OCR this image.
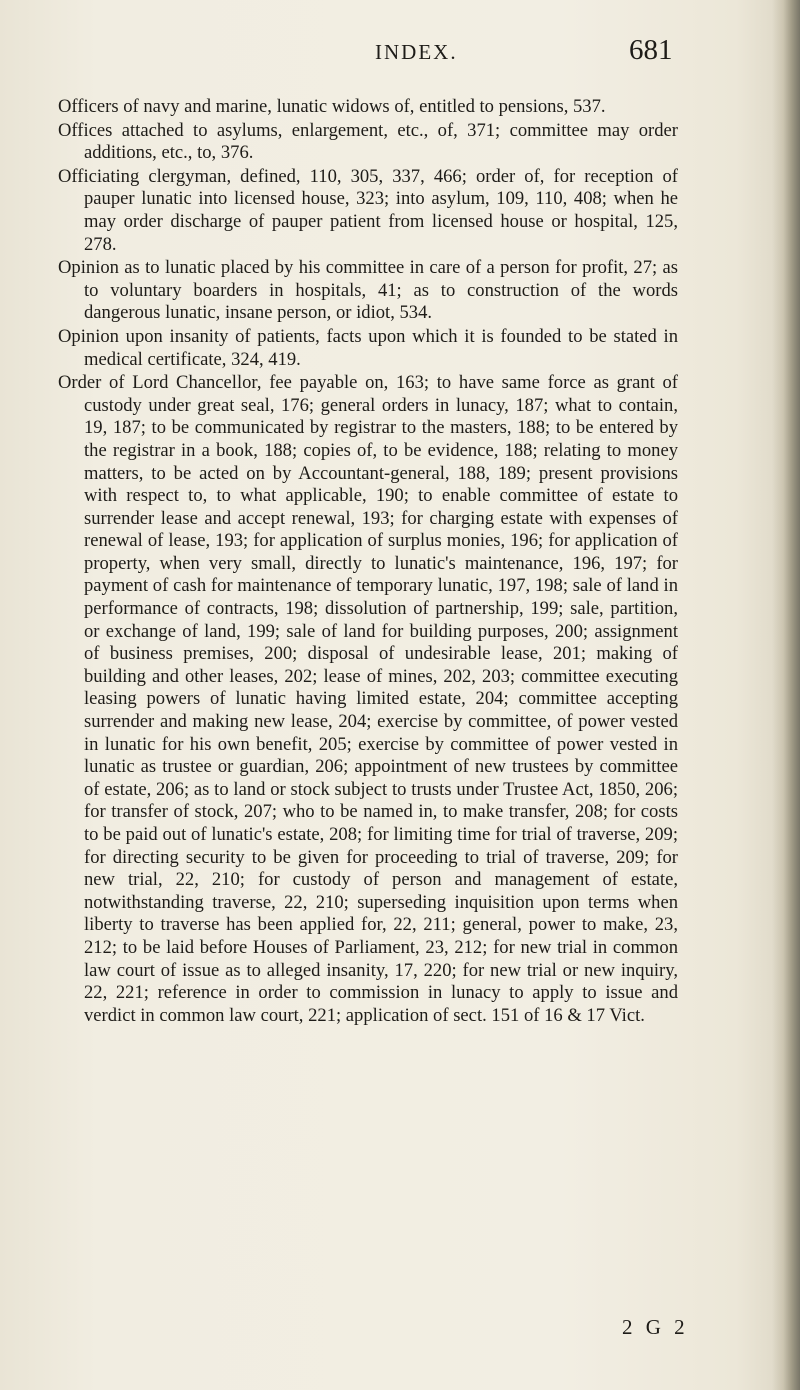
INDEX.	681

Officers of navy and marine, lunatic widows of, entitled to pensions, 537.

Offices attached to asylums, enlargement, etc., of, 371; committee may order additions, etc., to, 376.

Officiating clergyman, defined, 110, 305, 337, 466; order of, for reception of pauper lunatic into licensed house, 323; into asylum, 109, 110, 408; when he may order discharge of pauper patient from licensed house or hospital, 125, 278.

Opinion as to lunatic placed by his committee in care of a person for profit, 27; as to voluntary boarders in hospitals, 41; as to construction of the words dangerous lunatic, insane person, or idiot, 534.

Opinion upon insanity of patients, facts upon which it is founded to be stated in medical certificate, 324, 419.

Order of Lord Chancellor, fee payable on, 163; to have same force as grant of custody under great seal, 176; general orders in lunacy, 187; what to contain, 19, 187; to be communicated by registrar to the masters, 188; to be entered by the registrar in a book, 188; copies of, to be evidence, 188; relating to money matters, to be acted on by Accountant-general, 188, 189; present provisions with respect to, to what applicable, 190; to enable committee of estate to surrender lease and accept renewal, 193; for charging estate with expenses of renewal of lease, 193; for application of surplus monies, 196; for application of property, when very small, directly to lunatic's maintenance, 196, 197; for payment of cash for maintenance of temporary lunatic, 197, 198; sale of land in performance of contracts, 198; dissolution of partnership, 199; sale, partition, or exchange of land, 199; sale of land for building purposes, 200; assignment of business premises, 200; disposal of undesirable lease, 201; making of building and other leases, 202; lease of mines, 202, 203; committee executing leasing powers of lunatic having limited estate, 204; committee accepting surrender and making new lease, 204; exercise by committee, of power vested in lunatic for his own benefit, 205; exercise by committee of power vested in lunatic as trustee or guardian, 206; appointment of new trustees by committee of estate, 206; as to land or stock subject to trusts under Trustee Act, 1850, 206; for transfer of stock, 207; who to be named in, to make transfer, 208; for costs to be paid out of lunatic's estate, 208; for limiting time for trial of traverse, 209; for directing security to be given for proceeding to trial of traverse, 209; for new trial, 22, 210; for custody of person and management of estate, notwithstanding traverse, 22, 210; superseding inquisition upon terms when liberty to traverse has been applied for, 22, 211; general, power to make, 23, 212; to be laid before Houses of Parliament, 23, 212; for new trial in common law court of issue as to alleged insanity, 17, 220; for new trial or new inquiry, 22, 221; reference in order to commission in lunacy to apply to issue and verdict in common law court, 221; application of sect. 151 of 16 & 17 Vict.

2 G 2
